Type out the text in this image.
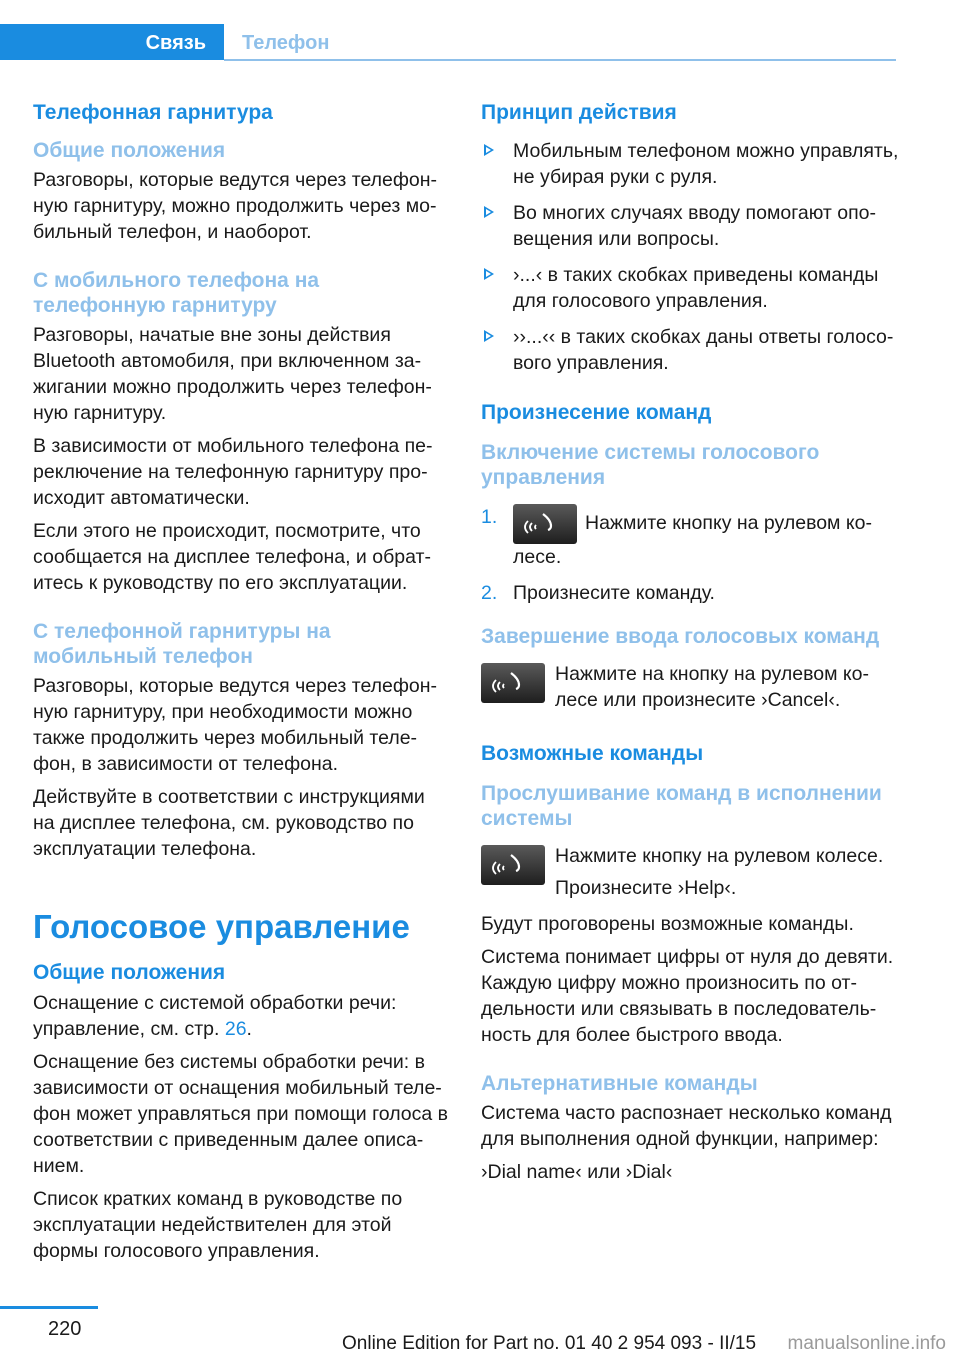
Связь	Телефон
Телефонная гарнитура
Общие положения
Разговоры, которые ведутся через телефонную гарнитуру, можно продолжить через мобильный телефон, и наоборот.
С мобильного телефона на телефонную гарнитуру
Разговоры, начатые вне зоны действия Bluetooth автомобиля, при включенном зажигании можно продолжить через телефонную гарнитуру.
В зависимости от мобильного телефона переключение на телефонную гарнитуру происходит автоматически.
Если этого не происходит, посмотрите, что сообщается на дисплее телефона, и обратитесь к руководству по его эксплуатации.
С телефонной гарнитуры на мобильный телефон
Разговоры, которые ведутся через телефонную гарнитуру, при необходимости можно также продолжить через мобильный телефон, в зависимости от телефона.
Действуйте в соответствии с инструкциями на дисплее телефона, см. руководство по эксплуатации телефона.
Голосовое управление
Общие положения
Оснащение с системой обработки речи: управление, см. стр. 26.
Оснащение без системы обработки речи: в зависимости от оснащения мобильный телефон может управляться при помощи голоса в соответствии с приведенным далее описанием.
Список кратких команд в руководстве по эксплуатации недействителен для этой формы голосового управления.
Принцип действия
Мобильным телефоном можно управлять, не убирая руки с руля.
Во многих случаях вводу помогают оповещения или вопросы.
›...‹ в таких скобках приведены команды для голосового управления.
››...‹‹ в таких скобках даны ответы голосового управления.
Произнесение команд
Включение системы голосового управления
1.	Нажмите кнопку на рулевом колесе.
2. Произнесите команду.
Завершение ввода голосовых команд
Нажмите на кнопку на рулевом колесе или произнесите ›Cancel‹.
Возможные команды
Прослушивание команд в исполнении системы
Нажмите кнопку на рулевом колесе.
Произнесите ›Help‹.
Будут проговорены возможные команды.
Система понимает цифры от нуля до девяти. Каждую цифру можно произносить по отдельности или связывать в последовательность для более быстрого ввода.
Альтернативные команды
Система часто распознает несколько команд для выполнения одной функции, например:
›Dial name‹ или ›Dial‹
220
Online Edition for Part no. 01 40 2 954 093 - II/15 manualsonline.info
